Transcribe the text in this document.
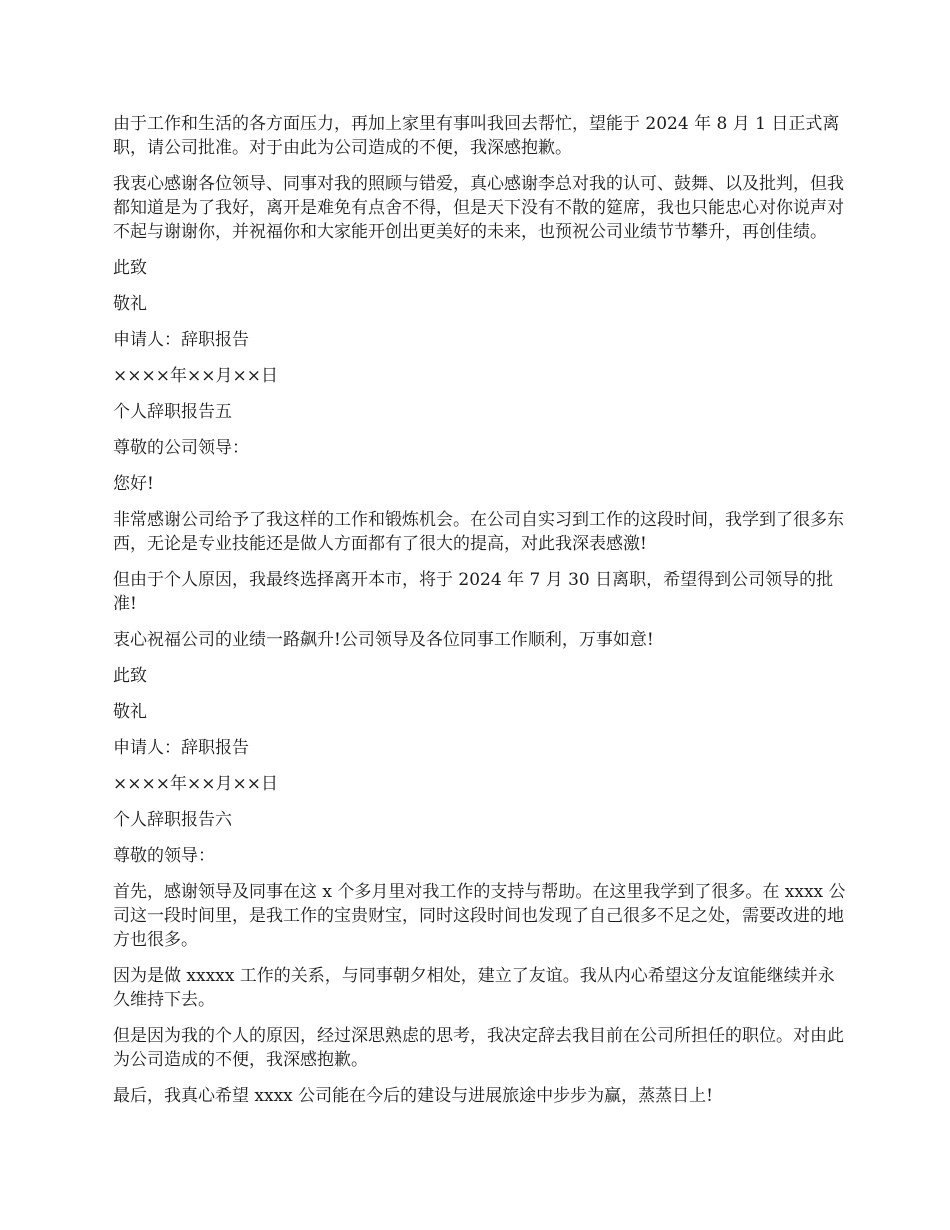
由于工作和生活的各方面压力，再加上家里有事叫我回去帮忙，望能于 2024 年 8 月 1 日正式离职，请公司批准。对于由此为公司造成的不便，我深感抱歉。

我衷心感谢各位领导、同事对我的照顾与错爱，真心感谢李总对我的认可、鼓舞、以及批判，但我都知道是为了我好，离开是难免有点舍不得，但是天下没有不散的筵席，我也只能忠心对你说声对不起与谢谢你，并祝福你和大家能开创出更美好的未来，也预祝公司业绩节节攀升，再创佳绩。

此致

敬礼

申请人：辞职报告

××××年××月××日

个人辞职报告五

尊敬的公司领导：

您好!

非常感谢公司给予了我这样的工作和锻炼机会。在公司自实习到工作的这段时间，我学到了很多东西，无论是专业技能还是做人方面都有了很大的提高，对此我深表感激!

但由于个人原因，我最终选择离开本市，将于 2024 年 7 月 30 日离职，希望得到公司领导的批准!

衷心祝福公司的业绩一路飙升!公司领导及各位同事工作顺利，万事如意!

此致

敬礼

申请人：辞职报告

××××年××月××日

个人辞职报告六

尊敬的领导：

首先，感谢领导及同事在这 x 个多月里对我工作的支持与帮助。在这里我学到了很多。在 xxxx 公司这一段时间里，是我工作的宝贵财宝，同时这段时间也发现了自己很多不足之处，需要改进的地方也很多。

因为是做 xxxxx 工作的关系，与同事朝夕相处，建立了友谊。我从内心希望这分友谊能继续并永久维持下去。

但是因为我的个人的原因，经过深思熟虑的思考，我决定辞去我目前在公司所担任的职位。对由此为公司造成的不便，我深感抱歉。

最后，我真心希望 xxxx 公司能在今后的建设与进展旅途中步步为赢，蒸蒸日上!
